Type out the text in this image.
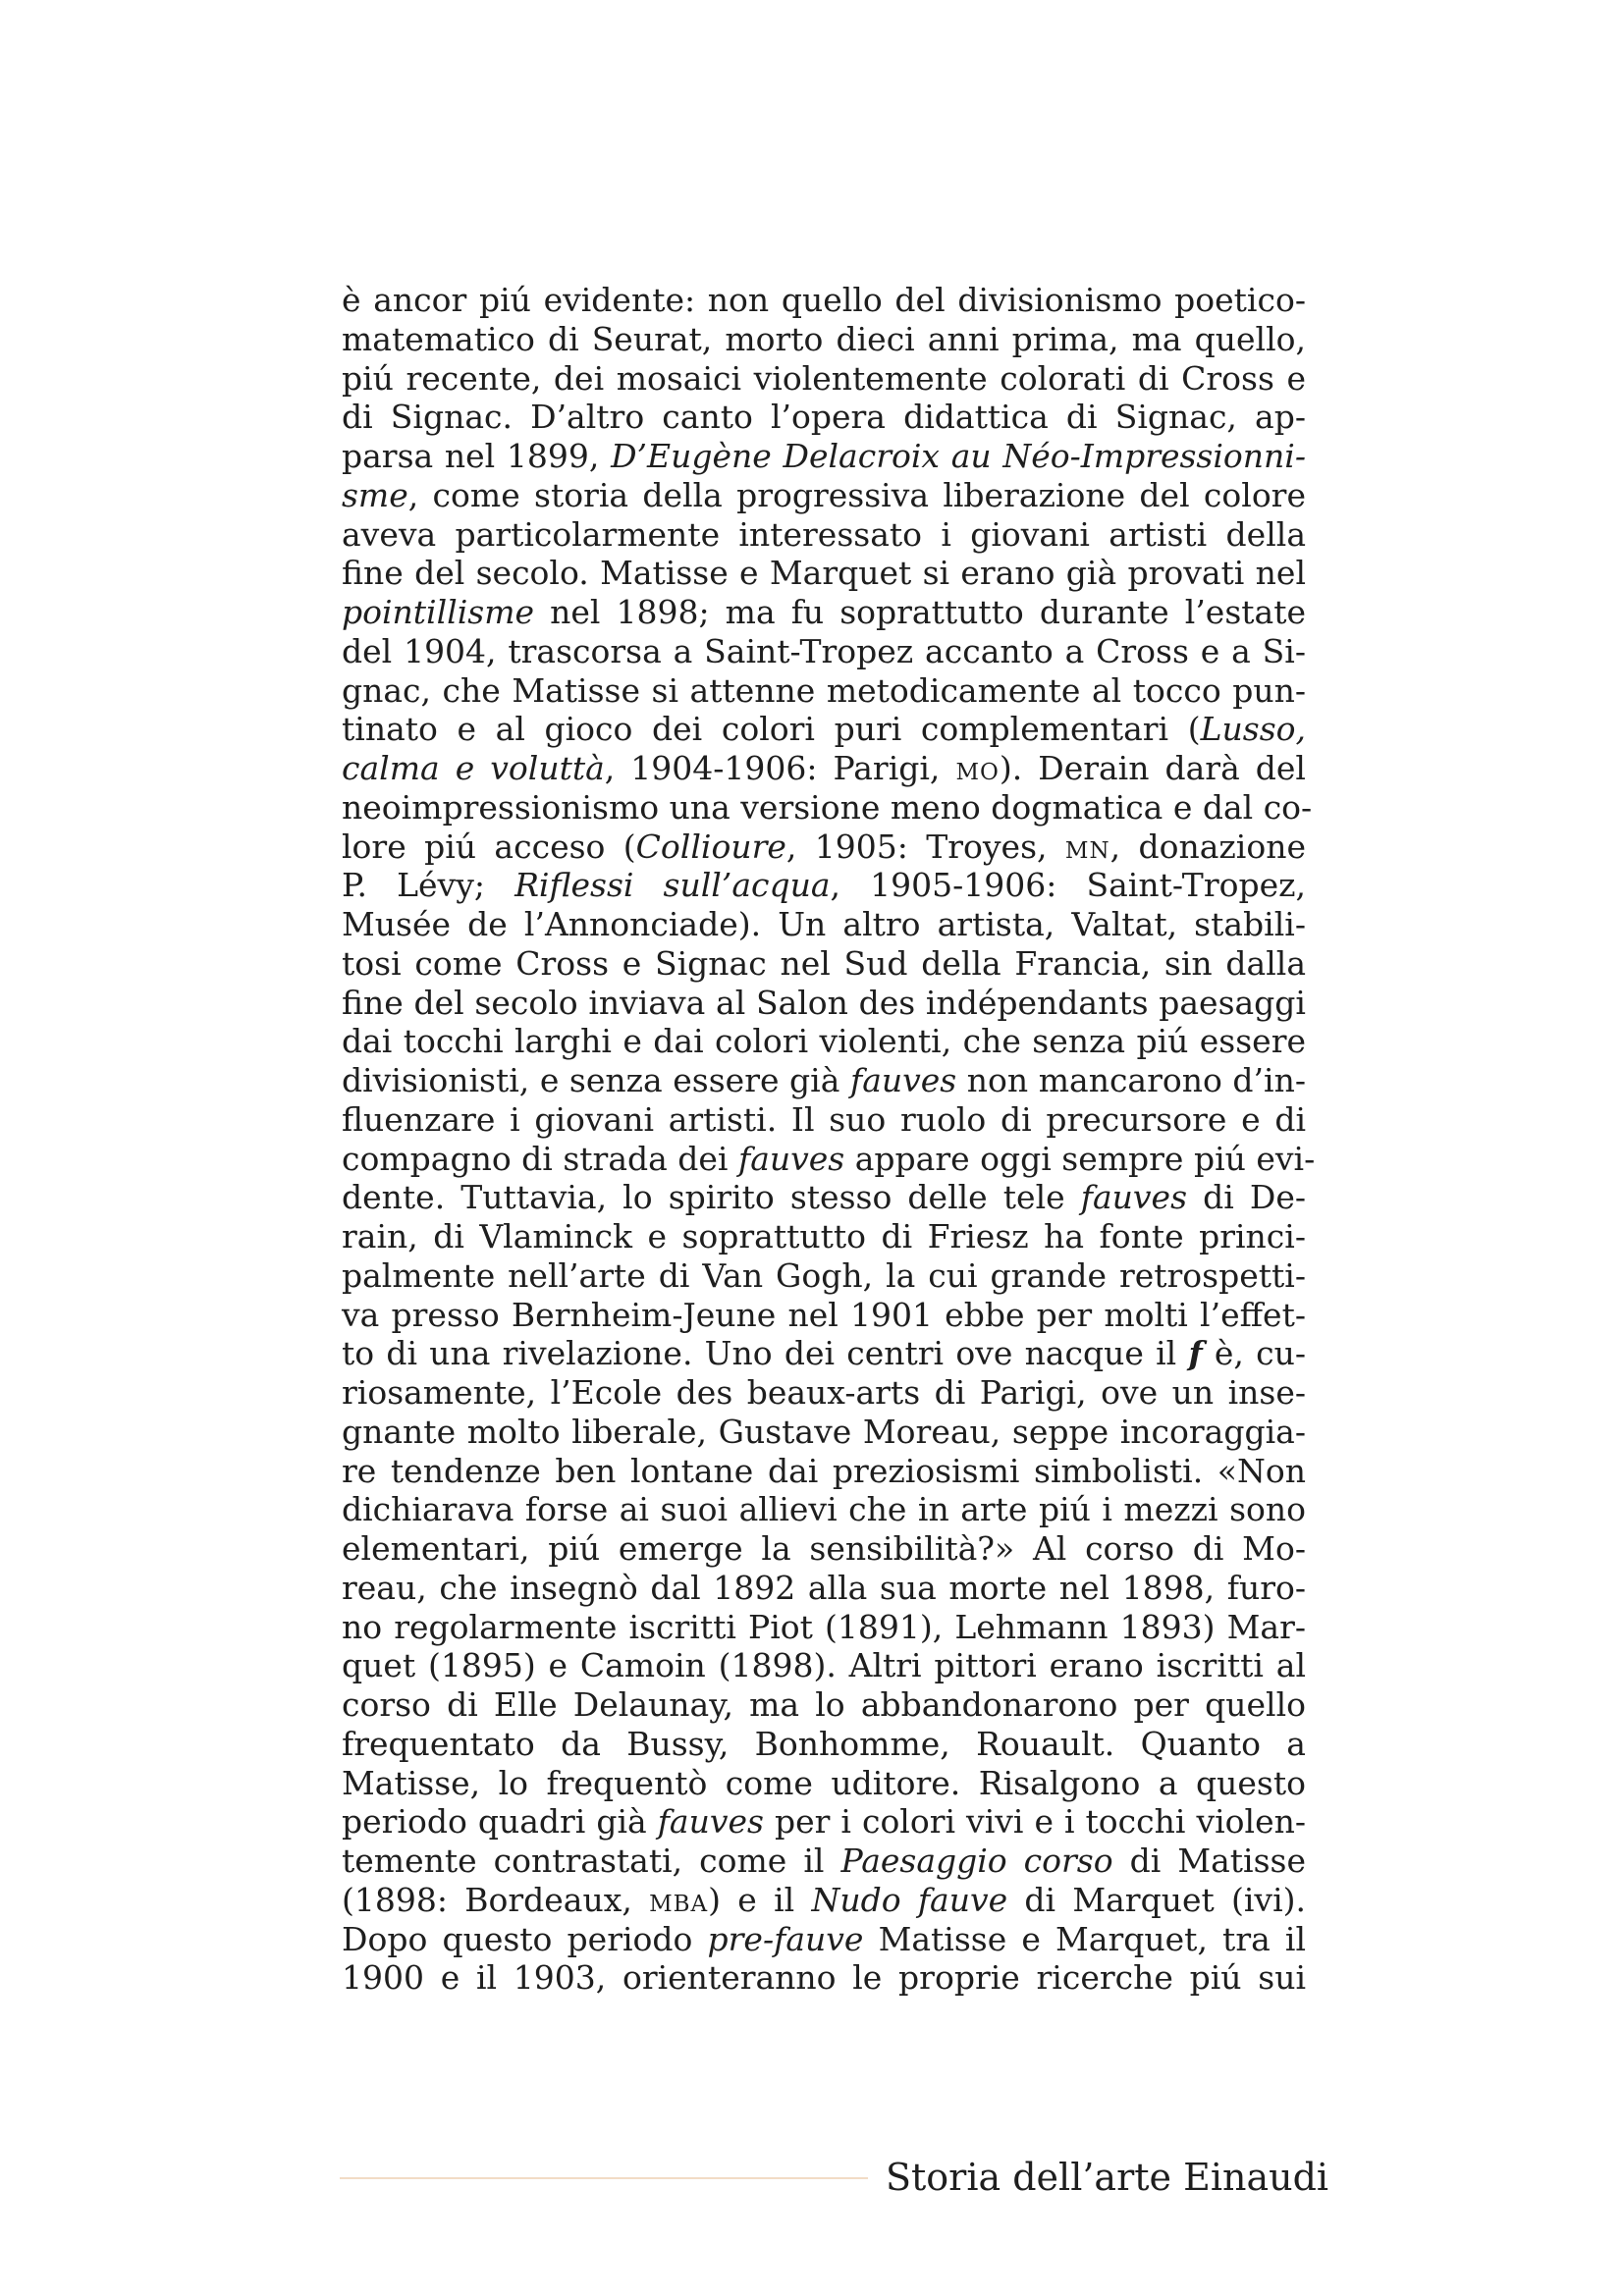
è ancor piú evidente: non quello del divisionismo poetico-
matematico di Seurat, morto dieci anni prima, ma quello,
piú recente, dei mosaici violentemente colorati di Cross e
di Signac. D’altro canto l’opera didattica di Signac, ap-
parsa nel 1899, D’Eugène Delacroix au Néo-Impressionni-
sme, come storia della progressiva liberazione del colore
aveva particolarmente interessato i giovani artisti della
fine del secolo. Matisse e Marquet si erano già provati nel
pointillisme nel 1898; ma fu soprattutto durante l’estate
del 1904, trascorsa a Saint-Tropez accanto a Cross e a Si-
gnac, che Matisse si attenne metodicamente al tocco pun-
tinato e al gioco dei colori puri complementari (Lusso,
calma e voluttà, 1904-1906: Parigi, mo). Derain darà del
neoimpressionismo una versione meno dogmatica e dal co-
lore piú acceso (Collioure, 1905: Troyes, mn, donazione
P. Lévy; Riflessi sull’acqua, 1905-1906: Saint-Tropez,
Musée de l’Annonciade). Un altro artista, Valtat, stabili-
tosi come Cross e Signac nel Sud della Francia, sin dalla
fine del secolo inviava al Salon des indépendants paesaggi
dai tocchi larghi e dai colori violenti, che senza piú essere
divisionisti, e senza essere già fauves non mancarono d’in-
fluenzare i giovani artisti. Il suo ruolo di precursore e di
compagno di strada dei fauves appare oggi sempre piú evi-
dente. Tuttavia, lo spirito stesso delle tele fauves di De-
rain, di Vlaminck e soprattutto di Friesz ha fonte princi-
palmente nell’arte di Van Gogh, la cui grande retrospetti-
va presso Bernheim-Jeune nel 1901 ebbe per molti l’effet-
to di una rivelazione. Uno dei centri ove nacque il f è, cu-
riosamente, l’Ecole des beaux-arts di Parigi, ove un inse-
gnante molto liberale, Gustave Moreau, seppe incoraggia-
re tendenze ben lontane dai preziosismi simbolisti. «Non
dichiarava forse ai suoi allievi che in arte piú i mezzi sono
elementari, piú emerge la sensibilità?» Al corso di Mo-
reau, che insegnò dal 1892 alla sua morte nel 1898, furo-
no regolarmente iscritti Piot (1891), Lehmann 1893) Mar-
quet (1895) e Camoin (1898). Altri pittori erano iscritti al
corso di Elle Delaunay, ma lo abbandonarono per quello
frequentato da Bussy, Bonhomme, Rouault. Quanto a
Matisse, lo frequentò come uditore. Risalgono a questo
periodo quadri già fauves per i colori vivi e i tocchi violen-
temente contrastati, come il Paesaggio corso di Matisse
(1898: Bordeaux, mba) e il Nudo fauve di Marquet (ivi).
Dopo questo periodo pre-fauve Matisse e Marquet, tra il
1900 e il 1903, orienteranno le proprie ricerche piú sui
Storia dell’arte Einaudi
